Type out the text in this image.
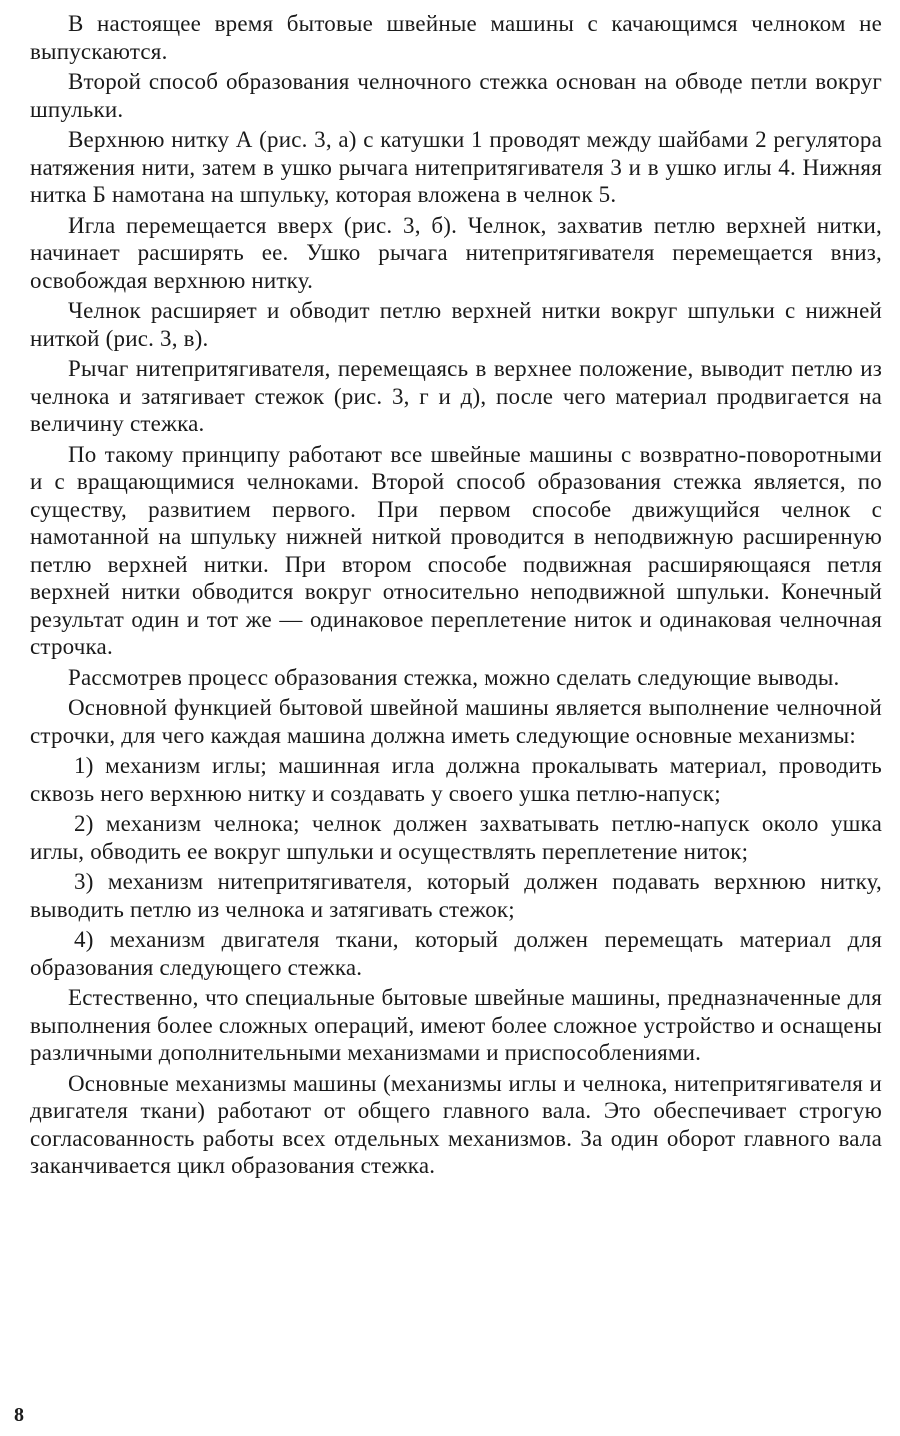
В настоящее время бытовые швейные машины с качающимся челноком не выпускаются.

Второй способ образования челночного стежка основан на обводе петли вокруг шпульки.

Верхнюю нитку А (рис. 3, а) с катушки 1 проводят между шайбами 2 регулятора натяжения нити, затем в ушко рычага нитепритягивателя 3 и в ушко иглы 4. Нижняя нитка Б намотана на шпульку, которая вложена в челнок 5.

Игла перемещается вверх (рис. 3, б). Челнок, захватив петлю верхней нитки, начинает расширять ее. Ушко рычага нитепритягивателя перемещается вниз, освобождая верхнюю нитку.

Челнок расширяет и обводит петлю верхней нитки вокруг шпульки с нижней ниткой (рис. 3, в).

Рычаг нитепритягивателя, перемещаясь в верхнее положение, выводит петлю из челнока и затягивает стежок (рис. 3, г и д), после чего материал продвигается на величину стежка.

По такому принципу работают все швейные машины с возвратно-поворотными и с вращающимися челноками. Второй способ образования стежка является, по существу, развитием первого. При первом способе движущийся челнок с намотанной на шпульку нижней ниткой проводится в неподвижную расширенную петлю верхней нитки. При втором способе подвижная расширяющаяся петля верхней нитки обводится вокруг относительно неподвижной шпульки. Конечный результат один и тот же — одинаковое переплетение ниток и одинаковая челночная строчка.

Рассмотрев процесс образования стежка, можно сделать следующие выводы.

Основной функцией бытовой швейной машины является выполнение челночной строчки, для чего каждая машина должна иметь следующие основные механизмы:

1) механизм иглы; машинная игла должна прокалывать материал, проводить сквозь него верхнюю нитку и создавать у своего ушка петлю-напуск;

2) механизм челнока; челнок должен захватывать петлю-напуск около ушка иглы, обводить ее вокруг шпульки и осуществлять переплетение ниток;

3) механизм нитепритягивателя, который должен подавать верхнюю нитку, выводить петлю из челнока и затягивать стежок;

4) механизм двигателя ткани, который должен перемещать материал для образования следующего стежка.

Естественно, что специальные бытовые швейные машины, предназначенные для выполнения более сложных операций, имеют более сложное устройство и оснащены различными дополнительными механизмами и приспособлениями.

Основные механизмы машины (механизмы иглы и челнока, нитепритягивателя и двигателя ткани) работают от общего главного вала. Это обеспечивает строгую согласованность работы всех отдельных механизмов. За один оборот главного вала заканчивается цикл образования стежка.

8
